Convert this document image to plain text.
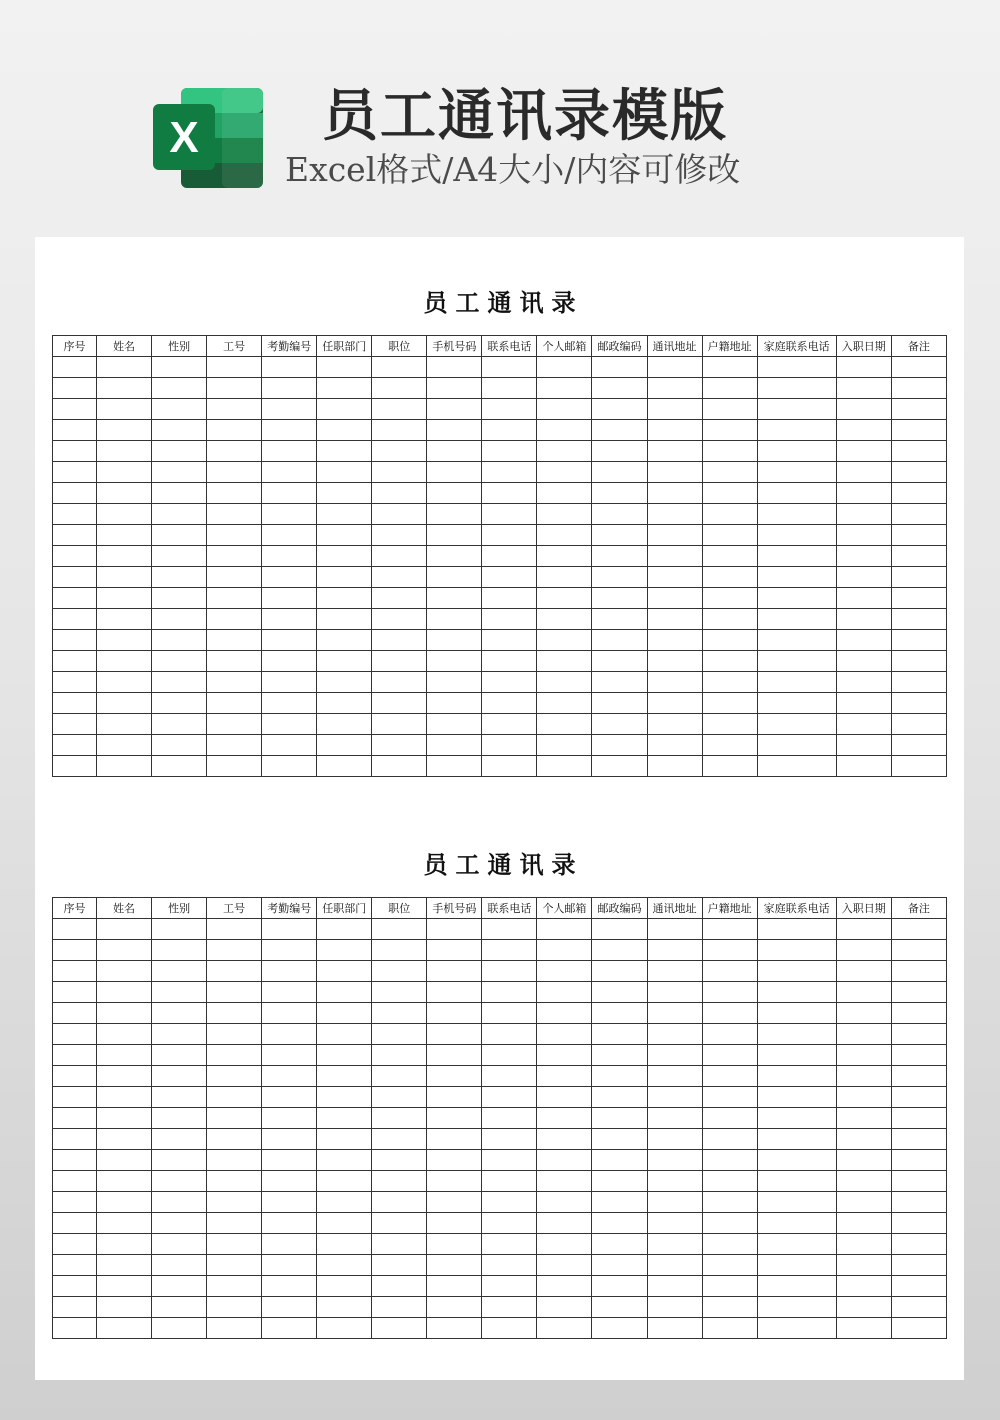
X 员工通讯录模版
Excel格式/A4大小/内容可修改
员工通讯录
序号	姓名	性别	工号	考勤编号	任职部门	职位	手机号码	联系电话	个人邮箱	邮政编码	通讯地址	户籍地址	家庭联系电话	入职日期	备注

员工通讯录
序号	姓名	性别	工号	考勤编号	任职部门	职位	手机号码	联系电话	个人邮箱	邮政编码	通讯地址	户籍地址	家庭联系电话	入职日期	备注
